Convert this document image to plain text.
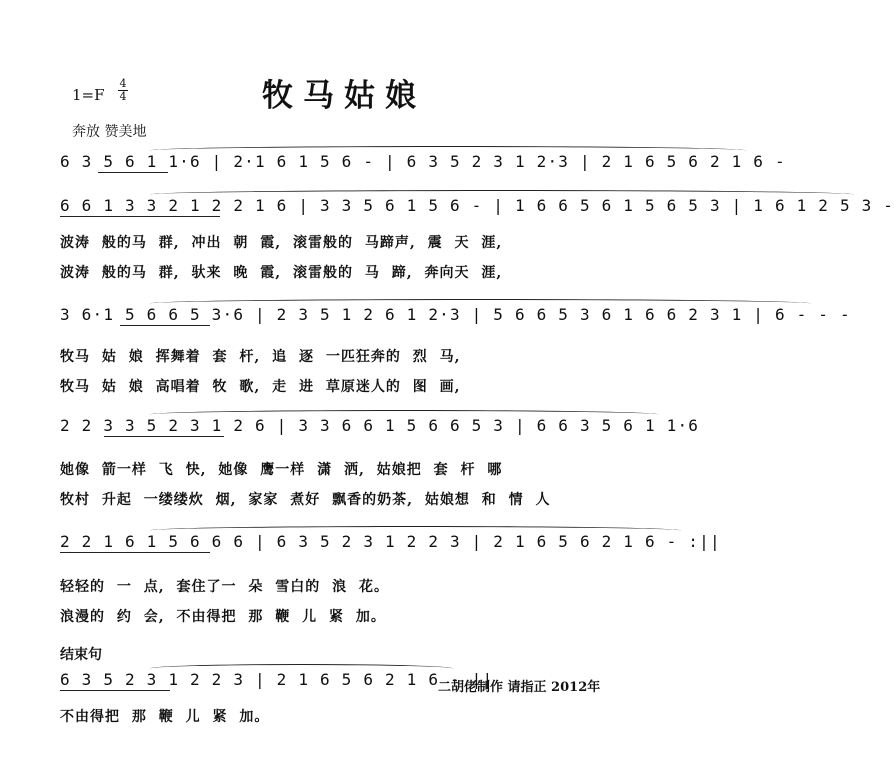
1=F
4
4	牧马姑娘
奔放 赞美地
6 3 5 6 1 1·6 | 2·1 6 1 5 6 - | 6 3 5 2 3 1 2·3 | 2 1 6 5 6 2 1 6 -
6 6 1 3 3 2 1 2 2 1 6 | 3 3 5 6 1 5 6 - | 1 6 6 5 6 1 5 6 5 3 | 1 6 1 2 5 3 -
波涛 般的马 群, 冲出 朝 霞, 滚雷般的 马蹄声, 震 天 涯,
波涛 般的马 群, 驮来 晚 霞, 滚雷般的 马 蹄, 奔向天 涯,
3 6·1 5 6 6 5 3·6 | 2 3 5 1 2 6 1 2·3 | 5 6 6 5 3 6 1 6 6 2 3 1 | 6 - - -
牧马 姑 娘 挥舞着 套 杆, 追 逐 一匹狂奔的 烈 马,
牧马 姑 娘 高唱着 牧 歌, 走 进 草原迷人的 图 画,
2 2 3 3 5 2 3 1 2 6 | 3 3 6 6 1 5 6 6 5 3 | 6 6 3 5 6 1 1·6
她像 箭一样 飞 快, 她像 鹰一样 潇 洒, 姑娘把 套 杆 哪
牧村 升起 一缕缕炊 烟, 家家 煮好 飘香的奶茶, 姑娘想 和 情 人
2 2 1 6 1 5 6 6 6 | 6 3 5 2 3 1 2 2 3 | 2 1 6 5 6 2 1 6 - :||
轻轻的 一 点, 套住了一 朵 雪白的 浪 花。
浪漫的 约 会, 不由得把 那 鞭 儿 紧 加。
结束句
6 3 5 2 3 1 2 2 3 | 2 1 6 5 6 2 1 6 - ||
二胡佬制作 请指正 2012年
不由得把 那 鞭 儿 紧 加。
